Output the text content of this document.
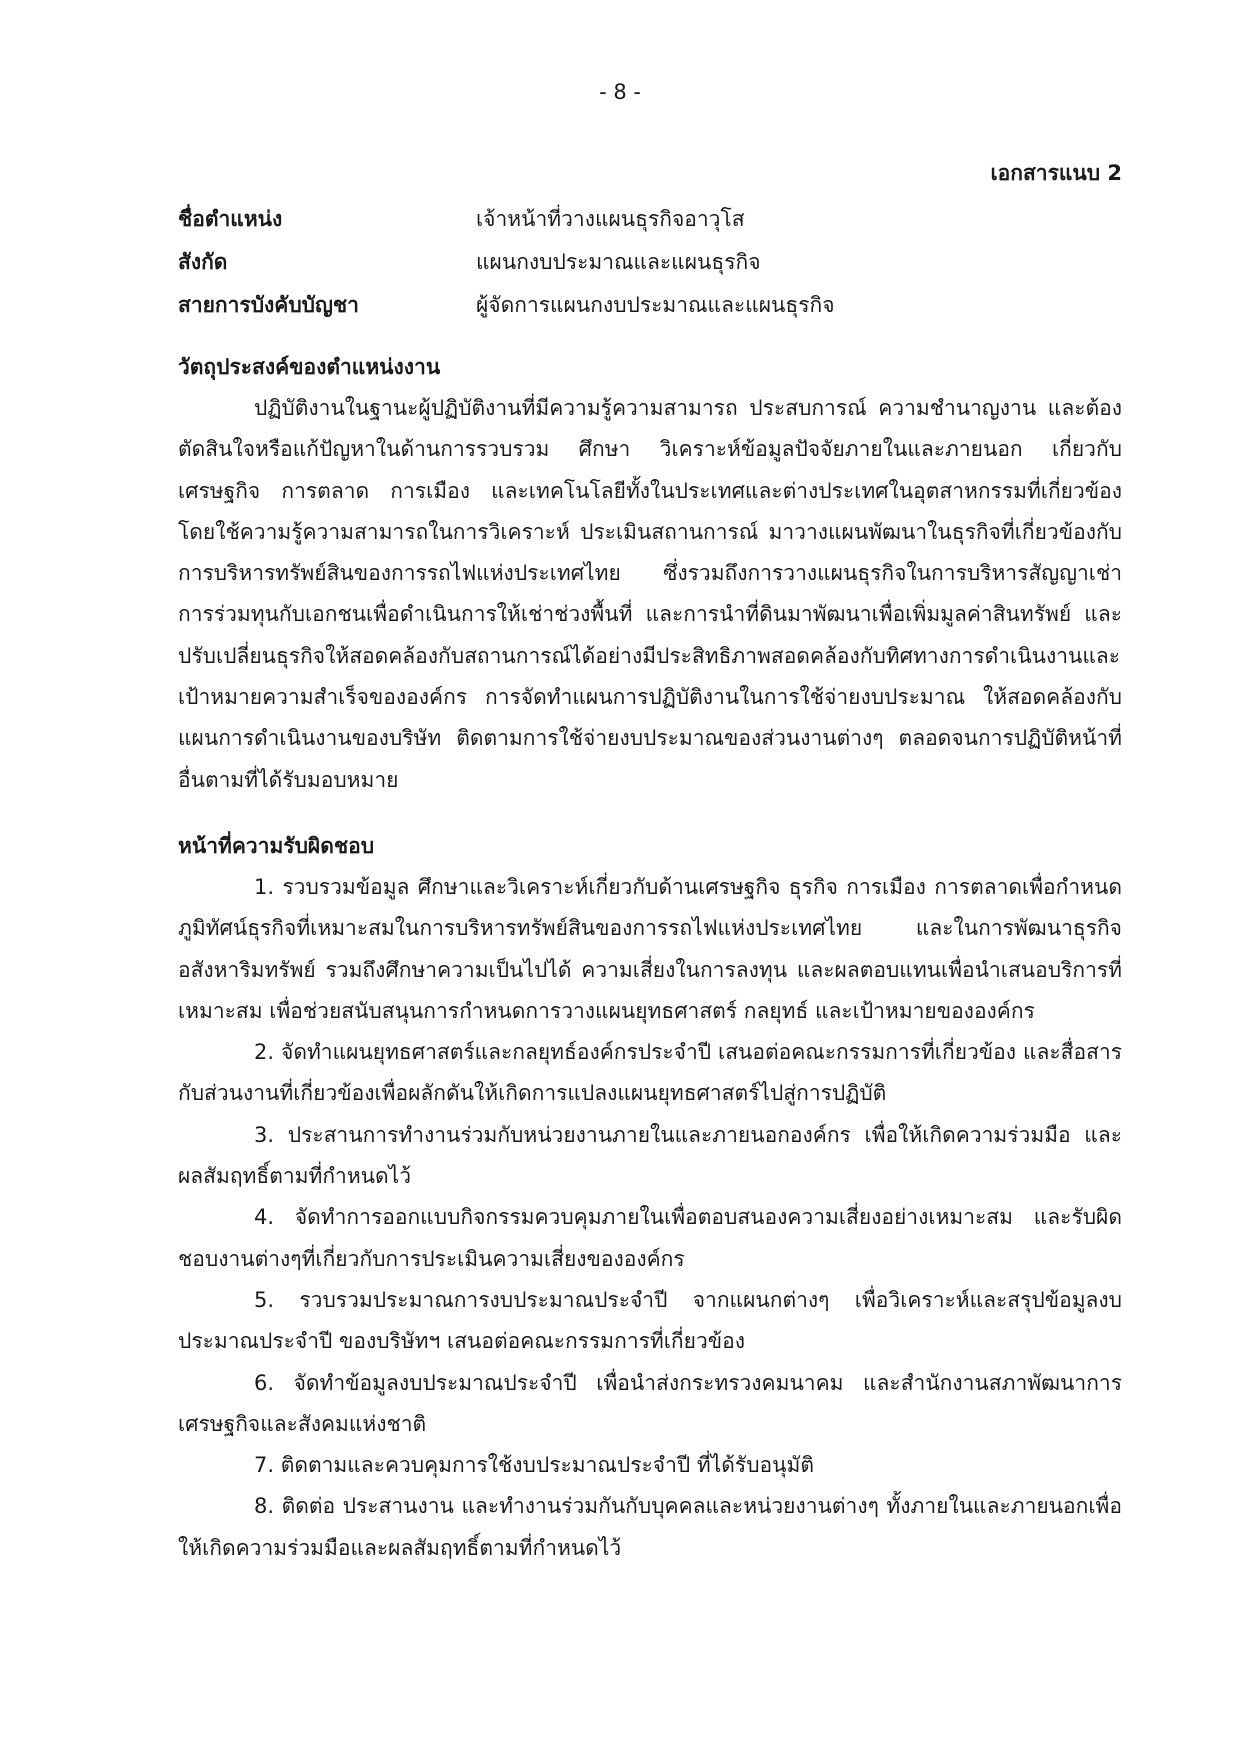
- 8 -
เอกสารแนบ 2
ชื่อตำแหน่ง	เจ้าหน้าที่วางแผนธุรกิจอาวุโส
สังกัด	แผนกงบประมาณและแผนธุรกิจ
สายการบังคับบัญชา	ผู้จัดการแผนกงบประมาณและแผนธุรกิจ
วัตถุประสงค์ของตำแหน่งงาน

ปฏิบัติงานในฐานะผู้ปฏิบัติงานที่มีความรู้ความสามารถ ประสบการณ์ ความชำนาญงาน และต้องตัดสินใจหรือแก้ปัญหาในด้านการรวบรวม ศึกษา วิเคราะห์ข้อมูลปัจจัยภายในและภายนอก เกี่ยวกับเศรษฐกิจ การตลาด การเมือง และเทคโนโลยีทั้งในประเทศและต่างประเทศในอุตสาหกรรมที่เกี่ยวข้อง โดยใช้ความรู้ความสามารถในการวิเคราะห์ ประเมินสถานการณ์ มาวางแผนพัฒนาในธุรกิจที่เกี่ยวข้องกับการบริหารทรัพย์สินของการรถไฟแห่งประเทศไทย ซึ่งรวมถึงการวางแผนธุรกิจในการบริหารสัญญาเช่า การร่วมทุนกับเอกชนเพื่อดำเนินการให้เช่าช่วงพื้นที่ และการนำที่ดินมาพัฒนาเพื่อเพิ่มมูลค่าสินทรัพย์ และปรับเปลี่ยนธุรกิจให้สอดคล้องกับสถานการณ์ได้อย่างมีประสิทธิภาพสอดคล้องกับทิศทางการดำเนินงานและเป้าหมายความสำเร็จขององค์กร การจัดทำแผนการปฏิบัติงานในการใช้จ่ายงบประมาณ ให้สอดคล้องกับแผนการดำเนินงานของบริษัท ติดตามการใช้จ่ายงบประมาณของส่วนงานต่างๆ ตลอดจนการปฏิบัติหน้าที่อื่นตามที่ได้รับมอบหมาย

หน้าที่ความรับผิดชอบ

1. รวบรวมข้อมูล ศึกษาและวิเคราะห์เกี่ยวกับด้านเศรษฐกิจ ธุรกิจ การเมือง การตลาดเพื่อกำหนดภูมิทัศน์ธุรกิจที่เหมาะสมในการบริหารทรัพย์สินของการรถไฟแห่งประเทศไทย และในการพัฒนาธุรกิจอสังหาริมทรัพย์ รวมถึงศึกษาความเป็นไปได้ ความเสี่ยงในการลงทุน และผลตอบแทนเพื่อนำเสนอบริการที่เหมาะสม เพื่อช่วยสนับสนุนการกำหนดการวางแผนยุทธศาสตร์ กลยุทธ์ และเป้าหมายขององค์กร

2. จัดทำแผนยุทธศาสตร์และกลยุทธ์องค์กรประจำปี เสนอต่อคณะกรรมการที่เกี่ยวข้อง และสื่อสารกับส่วนงานที่เกี่ยวข้องเพื่อผลักดันให้เกิดการแปลงแผนยุทธศาสตร์ไปสู่การปฏิบัติ

3. ประสานการทำงานร่วมกับหน่วยงานภายในและภายนอกองค์กร เพื่อให้เกิดความร่วมมือ และผลสัมฤทธิ์ตามที่กำหนดไว้

4. จัดทำการออกแบบกิจกรรมควบคุมภายในเพื่อตอบสนองความเสี่ยงอย่างเหมาะสม และรับผิดชอบงานต่างๆที่เกี่ยวกับการประเมินความเสี่ยงขององค์กร

5. รวบรวมประมาณการงบประมาณประจำปี จากแผนกต่างๆ เพื่อวิเคราะห์และสรุปข้อมูลงบประมาณประจำปี ของบริษัทฯ เสนอต่อคณะกรรมการที่เกี่ยวข้อง

6. จัดทำข้อมูลงบประมาณประจำปี เพื่อนำส่งกระทรวงคมนาคม และสำนักงานสภาพัฒนาการเศรษฐกิจและสังคมแห่งชาติ

7. ติดตามและควบคุมการใช้งบประมาณประจำปี ที่ได้รับอนุมัติ

8. ติดต่อ ประสานงาน และทำงานร่วมกันกับบุคคลและหน่วยงานต่างๆ ทั้งภายในและภายนอกเพื่อให้เกิดความร่วมมือและผลสัมฤทธิ์ตามที่กำหนดไว้
